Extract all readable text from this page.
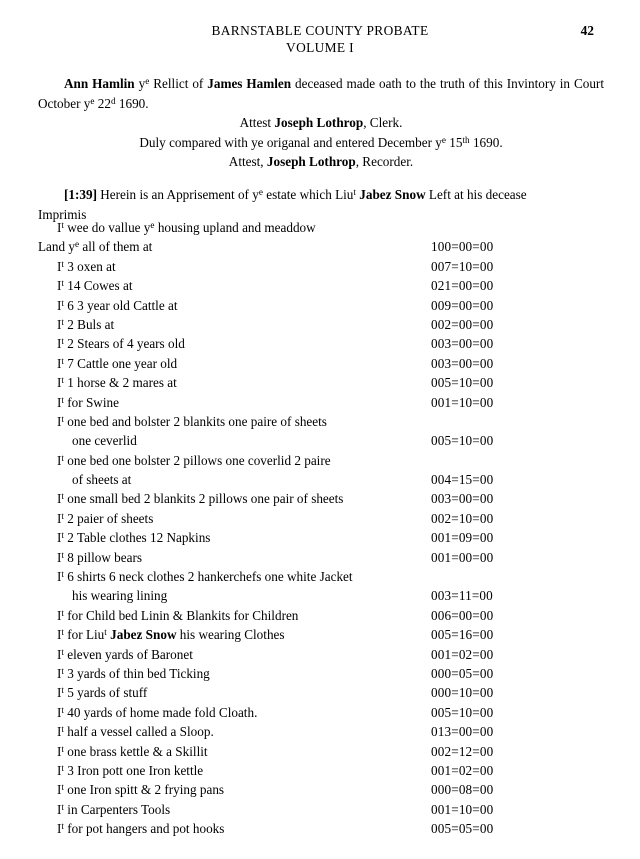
BARNSTABLE COUNTY PROBATE
VOLUME I
42

Ann Hamlin $y^e$ Rellict of James Hamlen deceased made oath to the truth of this Invintory in Court October $y^e$ 22$^d$ 1690.

Attest Joseph Lothrop, Clerk.

Duly compared with ye origanal and entered December $y^e$ 15th 1690.

Attest, Joseph Lothrop, Recorder.

[1:39] Herein is an Apprisement of $y^e$ estate which Liu$^t$ Jabez Snow Left at his decease

Imprimis

$I^t$ wee do vallue $y^e$ housing upland and meaddow
Land $y^e$ all of them at	100=00=00
$I^t$ 3 oxen at	007=10=00
$I^t$ 14 Cowes at	021=00=00
$I^t$ 6 3 year old Cattle at	009=00=00
$I^t$ 2 Buls at	002=00=00
$I^t$ 2 Stears of 4 years old	003=00=00
$I^t$ 7 Cattle one year old	003=00=00
$I^t$ 1 horse & 2 mares at	005=10=00
$I^t$ for Swine	001=10=00
$I^t$ one bed and bolster 2 blankits one paire of sheets
one ceverlid	005=10=00
$I^t$ one bed one bolster 2 pillows one coverlid 2 paire
of sheets at	004=15=00
$I^t$ one small bed 2 blankits 2 pillows one pair of sheets	003=00=00
$I^t$ 2 paier of sheets	002=10=00
$I^t$ 2 Table clothes 12 Napkins	001=09=00
$I^t$ 8 pillow bears	001=00=00
$I^t$ 6 shirts 6 neck clothes 2 hankerchefs one white Jacket
his wearing lining	003=11=00
$I^t$ for Child bed Linin & Blankits for Children	006=00=00
$I^t$ for Liu$^t$ Jabez Snow his wearing Clothes	005=16=00
$I^t$ eleven yards of Baronet	001=02=00
$I^t$ 3 yards of thin bed Ticking	000=05=00
$I^t$ 5 yards of stuff	000=10=00
$I^t$ 40 yards of home made fold Cloath.	005=10=00
$I^t$ half a vessel called a Sloop.	013=00=00
$I^t$ one brass kettle & a Skillit	002=12=00
$I^t$ 3 Iron pott one Iron kettle	001=02=00
$I^t$ one Iron spitt & 2 frying pans	000=08=00
$I^t$ in Carpenters Tools	001=10=00
$I^t$ for pot hangers and pot hooks	005=05=00
